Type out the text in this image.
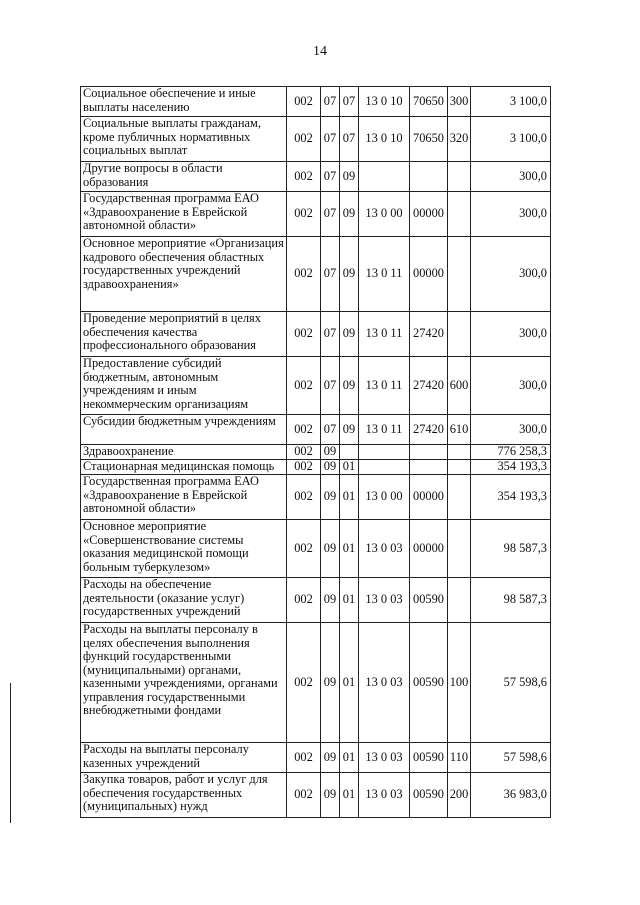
14
Социальное обеспечение и иные выплаты населению	002	07	07	13 0 10	70650	300	3 100,0
Социальные выплаты гражданам, кроме публичных нормативных социальных выплат	002	07	07	13 0 10	70650	320	3 100,0
Другие вопросы в области образования	002	07	09				300,0
Государственная программа ЕАО «Здравоохранение в Еврейской автономной области»	002	07	09	13 0 00	00000		300,0
Основное мероприятие «Организация кадрового обеспечения областных государственных учреждений здравоохранения»	002	07	09	13 0 11	00000		300,0
Проведение мероприятий в целях обеспечения качества профессионального образования	002	07	09	13 0 11	27420		300,0
Предоставление субсидий бюджетным, автономным учреждениям и иным некоммерческим организациям	002	07	09	13 0 11	27420	600	300,0
Субсидии бюджетным учреждениям	002	07	09	13 0 11	27420	610	300,0
Здравоохранение	002	09					776 258,3
Стационарная медицинская помощь	002	09	01				354 193,3
Государственная программа ЕАО «Здравоохранение в Еврейской автономной области»	002	09	01	13 0 00	00000		354 193,3
Основное мероприятие «Совершенствование системы оказания медицинской помощи больным туберкулезом»	002	09	01	13 0 03	00000		98 587,3
Расходы на обеспечение деятельности (оказание услуг) государственных учреждений	002	09	01	13 0 03	00590		98 587,3
Расходы на выплаты персоналу в целях обеспечения выполнения функций государственными (муниципальными) органами, казенными учреждениями, органами управления государственными внебюджетными фондами	002	09	01	13 0 03	00590	100	57 598,6
Расходы на выплаты персоналу казенных учреждений	002	09	01	13 0 03	00590	110	57 598,6
Закупка товаров, работ и услуг для обеспечения государственных (муниципальных) нужд	002	09	01	13 0 03	00590	200	36 983,0
